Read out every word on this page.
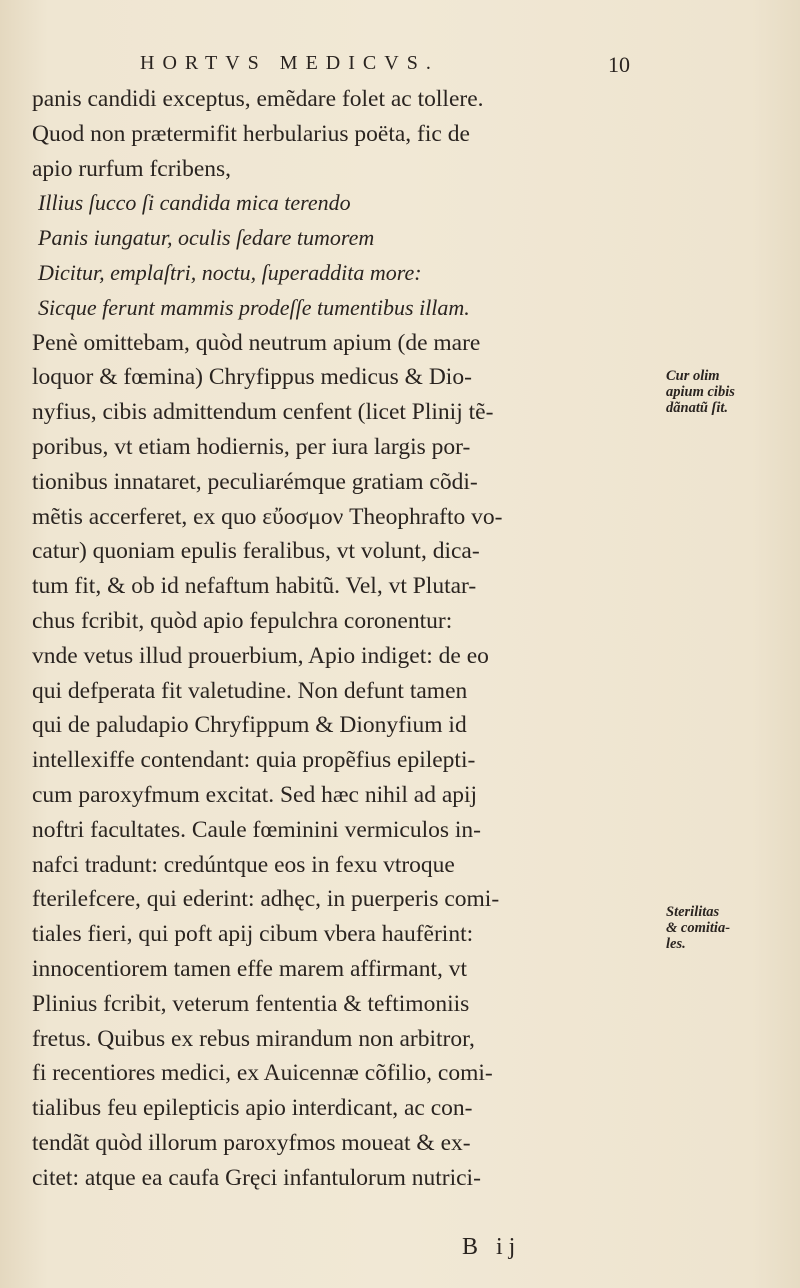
HORTVS MEDICVS.	10
panis candidi exceptus, emẽdare folet ac tollere.
Quod non prætermifit herbularius poëta, fic de
apio rurfum fcribens,
Illius ſucco ſi candida mica terendo
Panis iungatur, oculis ſedare tumorem
Dicitur, emplaſtri, noctu, ſuperaddita more:
Sicque ferunt mammis prodeſſe tumentibus illam.
Penè omittebam, quòd neutrum apium (de mare
loquor & fœmina) Chryfippus medicus & Dio-
nyfius, cibis admittendum cenfent (licet Plinij tẽ-
poribus, vt etiam hodiernis, per iura largis por-
tionibus innataret, peculiarémque gratiam cõdi-
mẽtis accerferet, ex quo εὔοσμον Theophrafto vo-
catur) quoniam epulis feralibus, vt volunt, dica-
tum fit, & ob id nefaftum habitũ. Vel, vt Plutar-
chus fcribit, quòd apio fepulchra coronentur:
vnde vetus illud prouerbium, Apio indiget: de eo
qui defperata fit valetudine. Non defunt tamen
qui de paludapio Chryfippum & Dionyfium id
intellexiffe contendant: quia propẽfius epilepti-
cum paroxyfmum excitat. Sed hæc nihil ad apij
noftri facultates. Caule fœminini vermiculos in-
nafci tradunt: credúntque eos in fexu vtroque
fterilefcere, qui ederint: adhęc, in puerperis comi-
tiales fieri, qui poft apij cibum vbera haufẽrint:
innocentiorem tamen effe marem affirmant, vt
Plinius fcribit, veterum fententia & teftimoniis
fretus. Quibus ex rebus mirandum non arbitror,
fi recentiores medici, ex Auicennæ cõfilio, comi-
tialibus feu epilepticis apio interdicant, ac con-
tendãt quòd illorum paroxyfmos moueat & ex-
citet: atque ea caufa Gręci infantulorum nutrici-
Cur olim
apium cibis
dãnatũ ſit.
Sterilitas
& comitia-
les.
B ij
